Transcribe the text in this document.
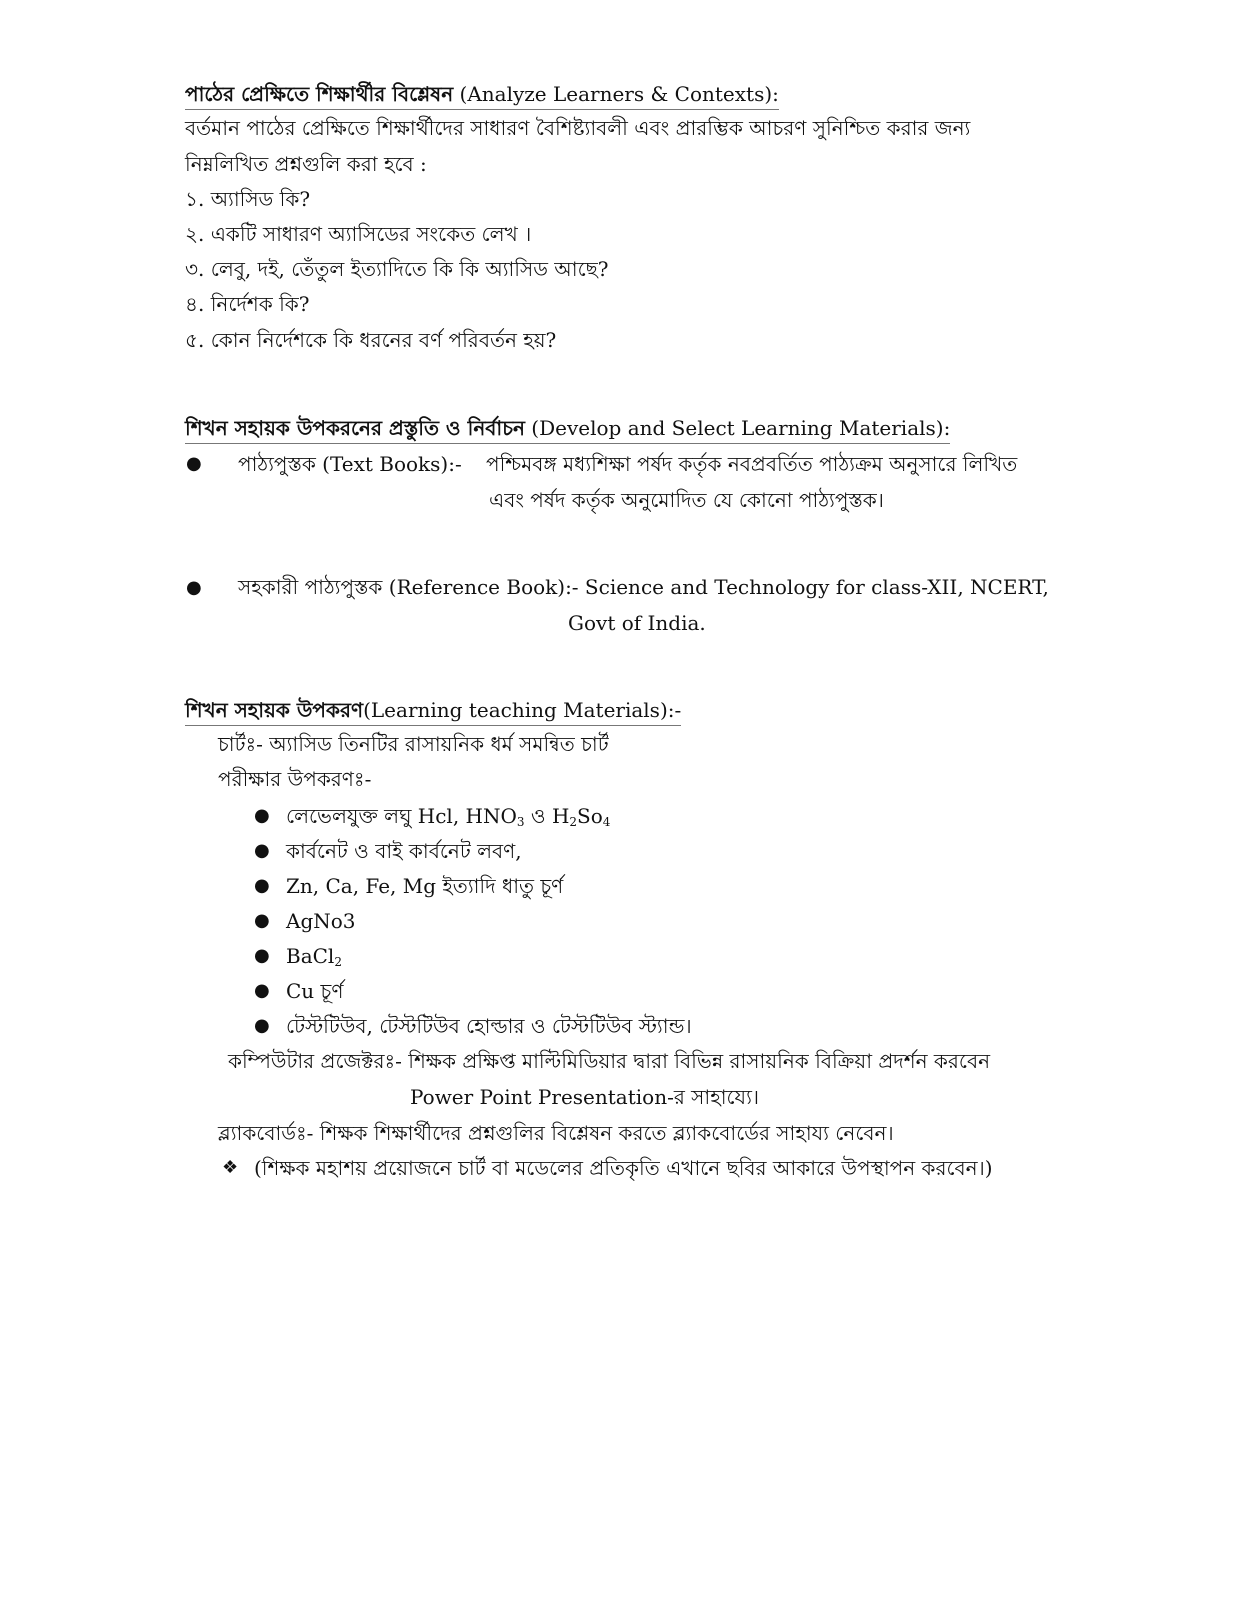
পাঠের প্রেক্ষিতে শিক্ষার্থীর বিশ্লেষন (Analyze Learners & Contexts):
বর্তমান পাঠের প্রেক্ষিতে শিক্ষার্থীদের সাধারণ বৈশিষ্ট্যাবলী এবং প্রারম্ভিক আচরণ সুনিশ্চিত করার জন্য
নিম্নলিখিত প্রশ্নগুলি করা হবে :
১. অ্যাসিড কি?
২. একটি সাধারণ অ্যাসিডের সংকেত লেখ ।
৩. লেবু, দই, তেঁতুল ইত্যাদিতে কি কি অ্যাসিড আছে?
৪. নির্দেশক কি?
৫. কোন নির্দেশকে কি ধরনের বর্ণ পরিবর্তন হয়?
শিখন সহায়ক উপকরনের প্রস্তুতি ও নির্বাচন (Develop and Select Learning Materials):
● পাঠ্যপুস্তক (Text Books):- পশ্চিমবঙ্গ মধ্যশিক্ষা পর্ষদ কর্তৃক নবপ্রবর্তিত পাঠ্যক্রম অনুসারে লিখিত
এবং পর্ষদ কর্তৃক অনুমোদিত যে কোনো পাঠ্যপুস্তক।
● সহকারী পাঠ্যপুস্তক (Reference Book):- Science and Technology for class-XII, NCERT,
Govt of India.
শিখন সহায়ক উপকরণ(Learning teaching Materials):-
চার্টঃ- অ্যাসিড তিনটির রাসায়নিক ধর্ম সমন্বিত চার্ট
পরীক্ষার উপকরণঃ-
● লেভেলযুক্ত লঘু Hcl, $HNO_3$ ও $H_2So_4$
● কার্বনেট ও বাই কার্বনেট লবণ,
● Zn, Ca, Fe, Mg ইত্যাদি ধাতু চূর্ণ
● AgNo3
● BaCl$_2$
● Cu চূর্ণ
● টেস্টটিউব, টেস্টটিউব হোল্ডার ও টেস্টটিউব স্ট্যান্ড।
কম্পিউটার প্রজেক্টরঃ- শিক্ষক প্রক্ষিপ্ত মাল্টিমিডিয়ার দ্বারা বিভিন্ন রাসায়নিক বিক্রিয়া প্রদর্শন করবেন
Power Point Presentation-র সাহায্যে।
ব্ল্যাকবোর্ডঃ- শিক্ষক শিক্ষার্থীদের প্রশ্নগুলির বিশ্লেষন করতে ব্ল্যাকবোর্ডের সাহায্য নেবেন।
❖ (শিক্ষক মহাশয় প্রয়োজনে চার্ট বা মডেলের প্রতিকৃতি এখানে ছবির আকারে উপস্থাপন করবেন।)
